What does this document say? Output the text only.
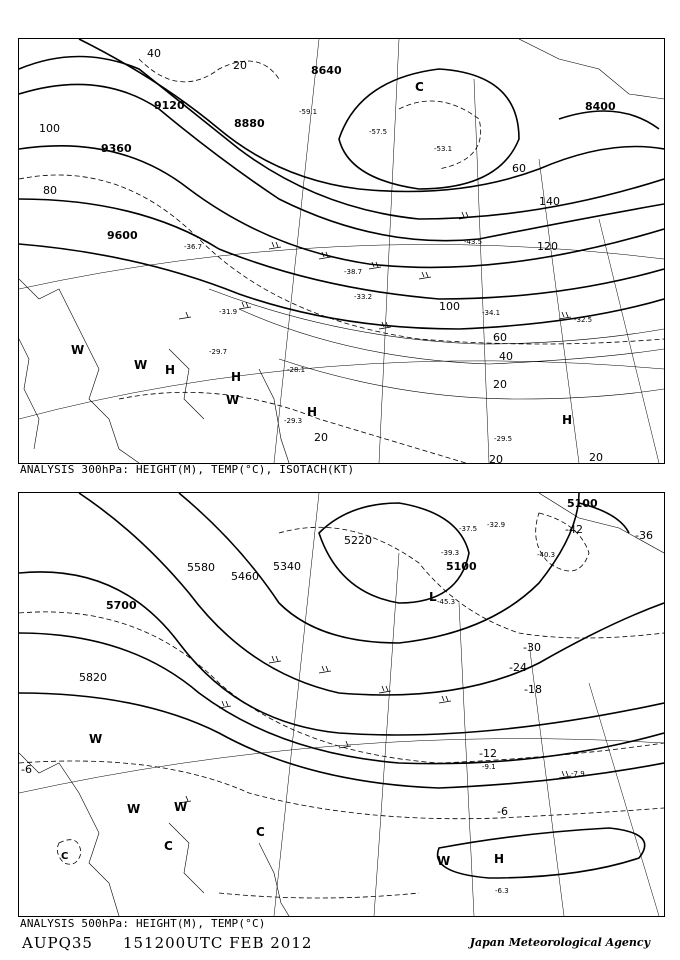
9120
8880
8640
8400
9360
9600
40
20
100
80
60
140
120
100
60
40
20
20
20	20
-53.1
-57.5
-59.1
-43.5
-36.7
-38.7
-33.2
-31.9
-29.7
-28.1
-29.3
-34.1
-32.5
-29.5
C
W
W H	H
W
H
H
ANALYSIS 300hPa: HEIGHT(M), TEMP(°C), ISOTACH(KT)
5100
5220
5100
5340
5460
5580
5700
5820
-42	-36
-30
-24
-18
-12
-6
-6
-45.3
-39.3
-37.5 -32.9
-40.3
-9.1
-7.9
-6.3
L
W
W	W
C
C
H
W
C
ANALYSIS 500hPa: HEIGHT(M), TEMP(°C)
AUPQ35 151200UTC FEB 2012	Japan Meteorological Agency
